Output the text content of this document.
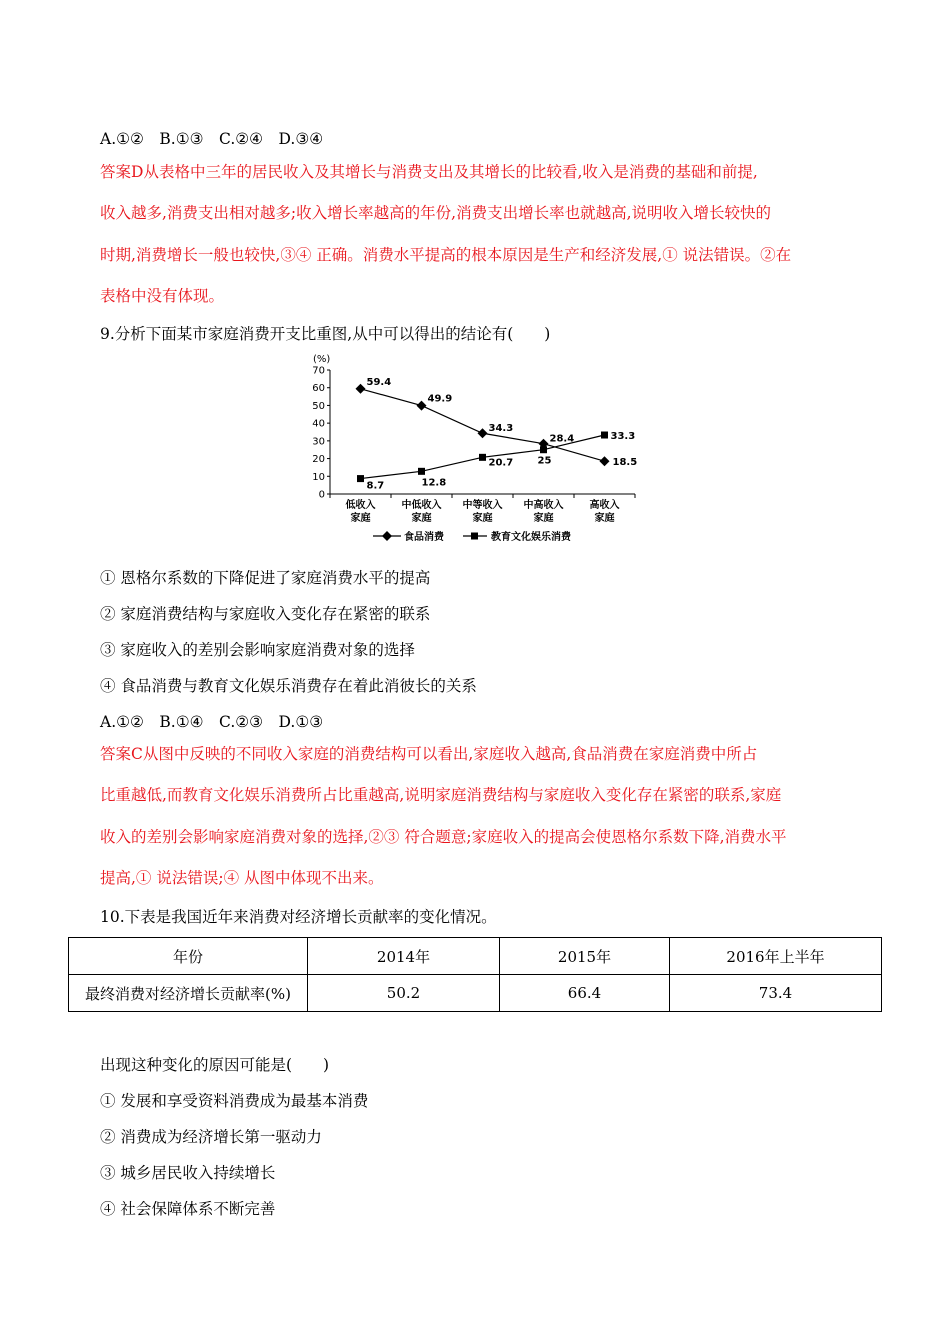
A.①②　B.①③　C.②④　D.③④
答案D从表格中三年的居民收入及其增长与消费支出及其增长的比较看,收入是消费的基础和前提,
收入越多,消费支出相对越多;收入增长率越高的年份,消费支出增长率也就越高,说明收入增长较快的
时期,消费增长一般也较快,③④ 正确。消费水平提高的根本原因是生产和经济发展,① 说法错误。②在
表格中没有体现。
9.分析下面某市家庭消费开支比重图,从中可以得出的结论有(　　)
(%)
0
10
20
30
40
50
60
70
低收入
家庭
中低收入
家庭
中等收入
家庭
中高收入
家庭
高收入
家庭
59.4
49.9
34.3
28.4
18.5
8.7	12.8
20.7 25
33.3
食品消费	教育文化娱乐消费
① 恩格尔系数的下降促进了家庭消费水平的提高
② 家庭消费结构与家庭收入变化存在紧密的联系
③ 家庭收入的差别会影响家庭消费对象的选择
④ 食品消费与教育文化娱乐消费存在着此消彼长的关系
A.①②　B.①④　C.②③　D.①③
答案C从图中反映的不同收入家庭的消费结构可以看出,家庭收入越高,食品消费在家庭消费中所占
比重越低,而教育文化娱乐消费所占比重越高,说明家庭消费结构与家庭收入变化存在紧密的联系,家庭
收入的差别会影响家庭消费对象的选择,②③ 符合题意;家庭收入的提高会使恩格尔系数下降,消费水平
提高,① 说法错误;④ 从图中体现不出来。
10.下表是我国近年来消费对经济增长贡献率的变化情况。
年份	2014年	2015年	2016年上半年
最终消费对经济增长贡献率(%)	50.2	66.4	73.4
出现这种变化的原因可能是(　　)
① 发展和享受资料消费成为最基本消费
② 消费成为经济增长第一驱动力
③ 城乡居民收入持续增长
④ 社会保障体系不断完善
